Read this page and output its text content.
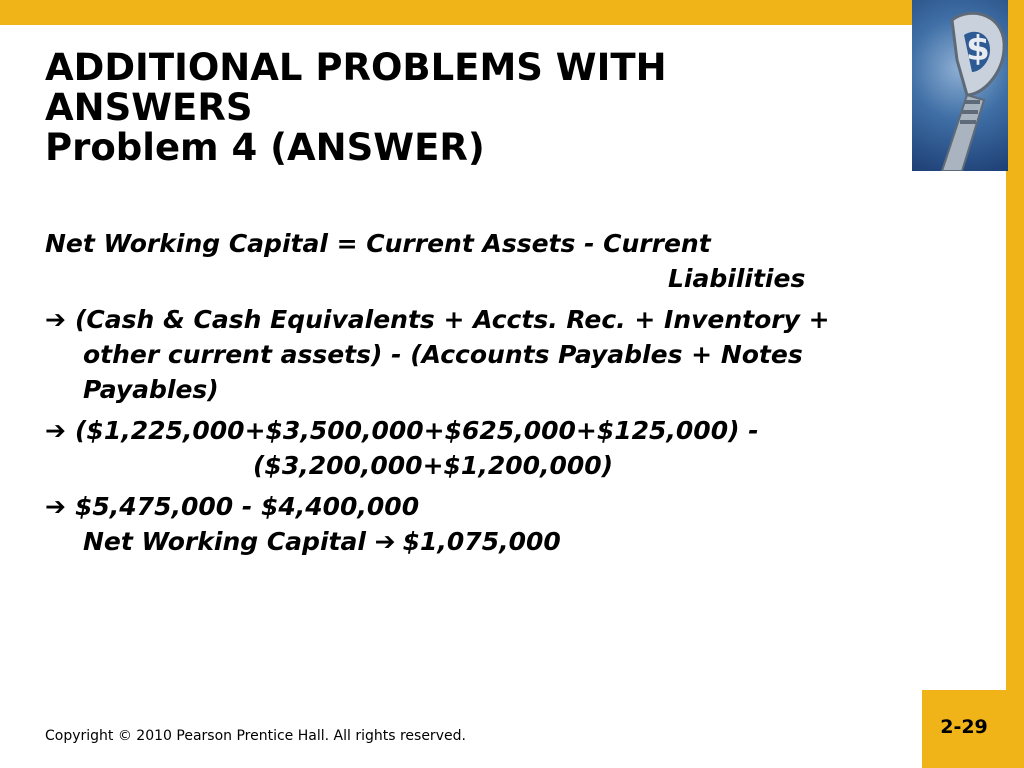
$
ADDITIONAL PROBLEMS WITH
ANSWERS
Problem 4 (ANSWER)
Net Working Capital = Current Assets - Current
Liabilities
➔ (Cash & Cash Equivalents + Accts. Rec. + Inventory +
other current assets) - (Accounts Payables + Notes
Payables)
➔ ($1,225,000+$3,500,000+$625,000+$125,000) -
($3,200,000+$1,200,000)
➔ $5,475,000 - $4,400,000
Net Working Capital ➔ $1,075,000
Copyright © 2010 Pearson Prentice Hall. All rights reserved.	2-29
